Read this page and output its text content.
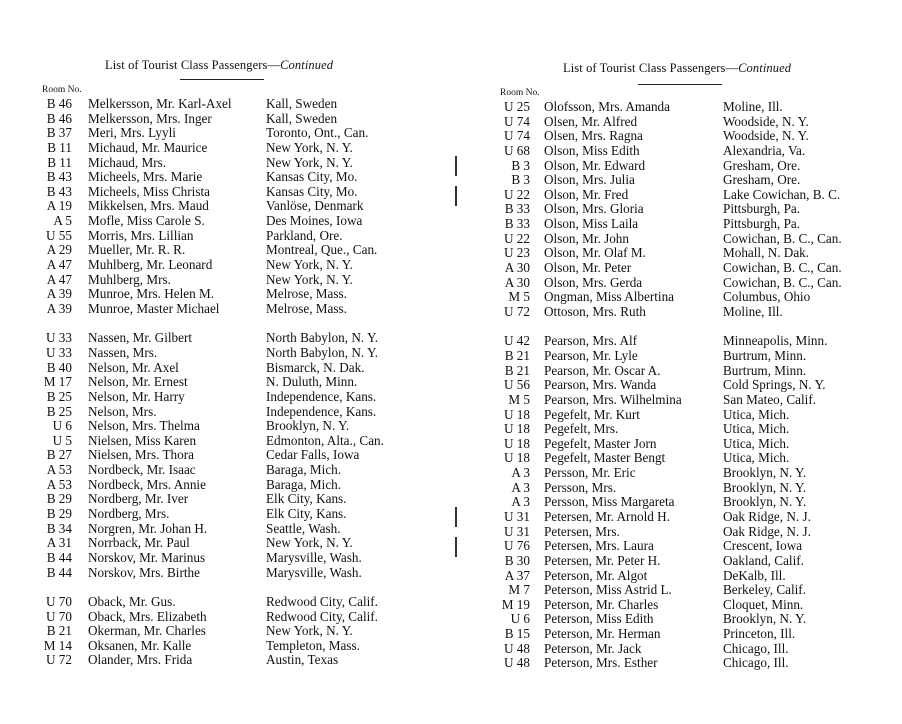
List of Tourist Class Passengers—Continued
Room No.
B 46 Melkersson, Mr. Karl-Axel	Kall, Sweden
B 46 Melkersson, Mrs. Inger	Kall, Sweden
B 37 Meri, Mrs. Lyyli	Toronto, Ont., Can.
B 11 Michaud, Mr. Maurice	New York, N. Y.
B 11 Michaud, Mrs.	New York, N. Y.
B 43 Micheels, Mrs. Marie	Kansas City, Mo.
B 43 Micheels, Miss Christa	Kansas City, Mo.
A 19 Mikkelsen, Mrs. Maud	Vanlöse, Denmark
A 5 Mofle, Miss Carole S.	Des Moines, Iowa
U 55 Morris, Mrs. Lillian	Parkland, Ore.
A 29 Mueller, Mr. R. R.	Montreal, Que., Can.
A 47 Muhlberg, Mr. Leonard	New York, N. Y.
A 47 Muhlberg, Mrs.	New York, N. Y.
A 39 Munroe, Mrs. Helen M.	Melrose, Mass.
A 39 Munroe, Master Michael	Melrose, Mass.
U 33 Nassen, Mr. Gilbert	North Babylon, N. Y.
U 33 Nassen, Mrs.	North Babylon, N. Y.
B 40 Nelson, Mr. Axel	Bismarck, N. Dak.
M 17 Nelson, Mr. Ernest	N. Duluth, Minn.
B 25 Nelson, Mr. Harry	Independence, Kans.
B 25 Nelson, Mrs.	Independence, Kans.
U 6 Nelson, Mrs. Thelma	Brooklyn, N. Y.
U 5 Nielsen, Miss Karen	Edmonton, Alta., Can.
B 27 Nielsen, Mrs. Thora	Cedar Falls, Iowa
A 53 Nordbeck, Mr. Isaac	Baraga, Mich.
A 53 Nordbeck, Mrs. Annie	Baraga, Mich.
B 29 Nordberg, Mr. Iver	Elk City, Kans.
B 29 Nordberg, Mrs.	Elk City, Kans.
B 34 Norgren, Mr. Johan H.	Seattle, Wash.
A 31 Norrback, Mr. Paul	New York, N. Y.
B 44 Norskov, Mr. Marinus	Marysville, Wash.
B 44 Norskov, Mrs. Birthe	Marysville, Wash.
U 70 Oback, Mr. Gus.	Redwood City, Calif.
U 70 Oback, Mrs. Elizabeth	Redwood City, Calif.
B 21 Okerman, Mr. Charles	New York, N. Y.
M 14 Oksanen, Mr. Kalle	Templeton, Mass.
U 72 Olander, Mrs. Frida	Austin, Texas
List of Tourist Class Passengers—Continued
Room No.
U 25 Olofsson, Mrs. Amanda	Moline, Ill.
U 74 Olsen, Mr. Alfred	Woodside, N. Y.
U 74 Olsen, Mrs. Ragna	Woodside, N. Y.
U 68 Olson, Miss Edith	Alexandria, Va.
B 3 Olson, Mr. Edward	Gresham, Ore.
B 3 Olson, Mrs. Julia	Gresham, Ore.
U 22 Olson, Mr. Fred	Lake Cowichan, B. C.
B 33 Olson, Mrs. Gloria	Pittsburgh, Pa.
B 33 Olson, Miss Laila	Pittsburgh, Pa.
U 22 Olson, Mr. John	Cowichan, B. C., Can.
U 23 Olson, Mr. Olaf M.	Mohall, N. Dak.
A 30 Olson, Mr. Peter	Cowichan, B. C., Can.
A 30 Olson, Mrs. Gerda	Cowichan, B. C., Can.
M 5 Ongman, Miss Albertina	Columbus, Ohio
U 72 Ottoson, Mrs. Ruth	Moline, Ill.
U 42 Pearson, Mrs. Alf	Minneapolis, Minn.
B 21 Pearson, Mr. Lyle	Burtrum, Minn.
B 21 Pearson, Mr. Oscar A.	Burtrum, Minn.
U 56 Pearson, Mrs. Wanda	Cold Springs, N. Y.
M 5 Pearson, Mrs. Wilhelmina	San Mateo, Calif.
U 18 Pegefelt, Mr. Kurt	Utica, Mich.
U 18 Pegefelt, Mrs.	Utica, Mich.
U 18 Pegefelt, Master Jorn	Utica, Mich.
U 18 Pegefelt, Master Bengt	Utica, Mich.
A 3 Persson, Mr. Eric	Brooklyn, N. Y.
A 3 Persson, Mrs.	Brooklyn, N. Y.
A 3 Persson, Miss Margareta	Brooklyn, N. Y.
U 31 Petersen, Mr. Arnold H.	Oak Ridge, N. J.
U 31 Petersen, Mrs.	Oak Ridge, N. J.
U 76 Petersen, Mrs. Laura	Crescent, Iowa
B 30 Petersen, Mr. Peter H.	Oakland, Calif.
A 37 Peterson, Mr. Algot	DeKalb, Ill.
M 7 Peterson, Miss Astrid L.	Berkeley, Calif.
M 19 Peterson, Mr. Charles	Cloquet, Minn.
U 6 Peterson, Miss Edith	Brooklyn, N. Y.
B 15 Peterson, Mr. Herman	Princeton, Ill.
U 48 Peterson, Mr. Jack	Chicago, Ill.
U 48 Peterson, Mrs. Esther	Chicago, Ill.
